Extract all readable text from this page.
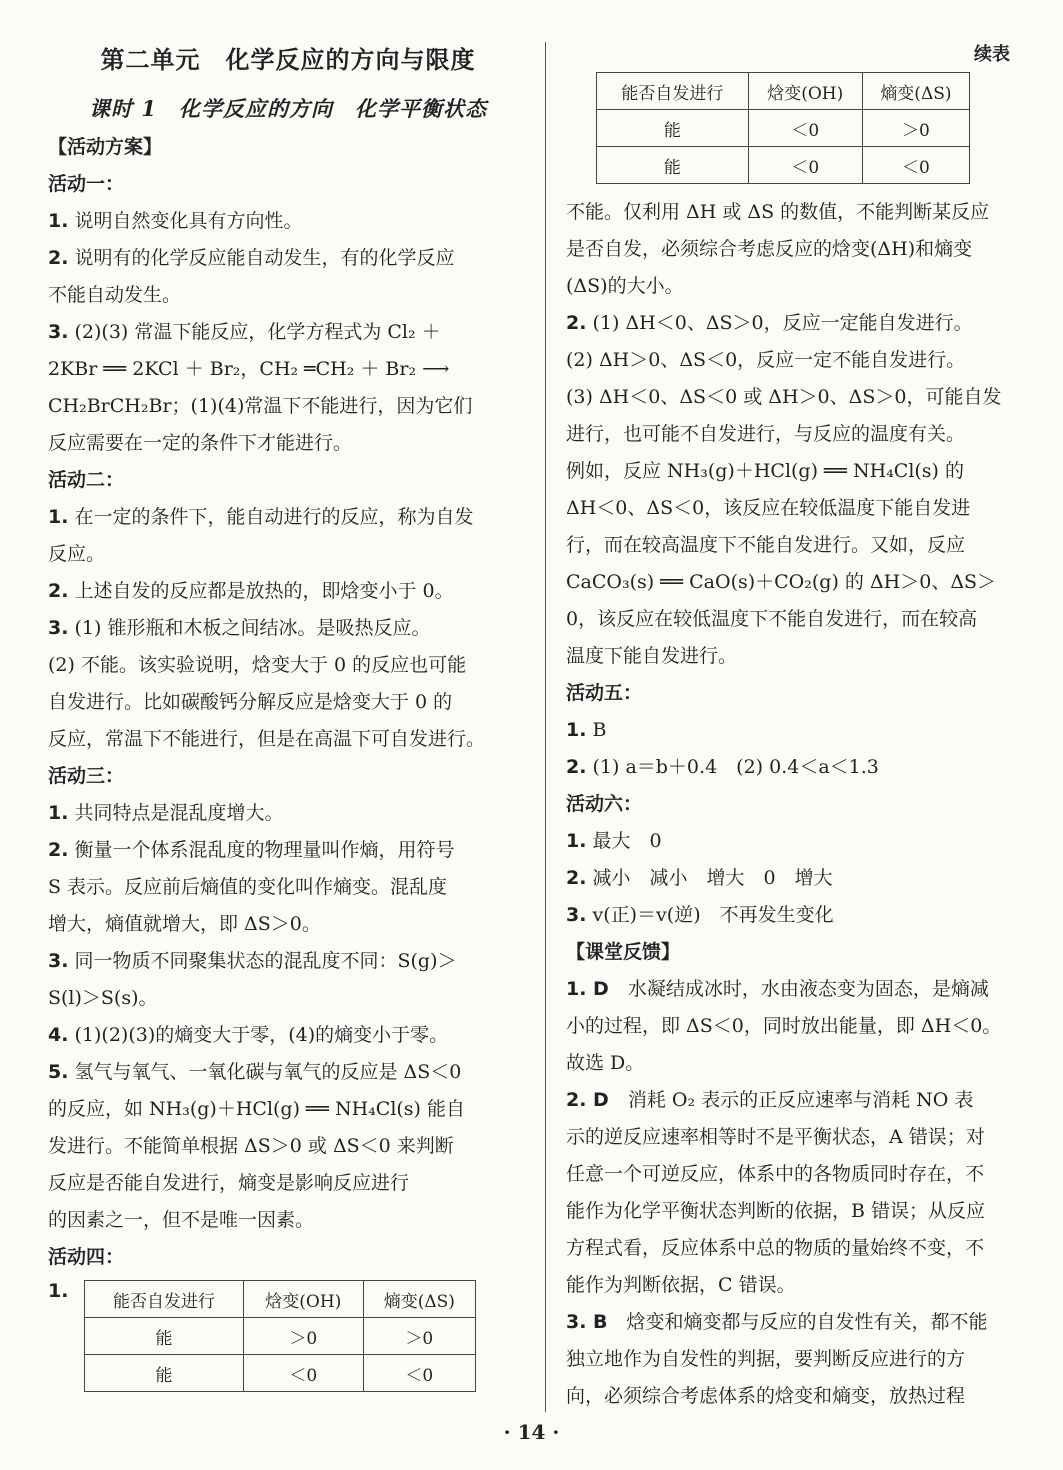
第二单元　化学反应的方向与限度
课时 1　化学反应的方向　化学平衡状态

【活动方案】

活动一：

1. 说明自然变化具有方向性。

2. 说明有的化学反应能自动发生，有的化学反应

不能自动发生。

3. (2)(3) 常温下能反应，化学方程式为 Cl₂ ＋

2KBr ══ 2KCl ＋ Br₂，CH₂ ═CH₂ ＋ Br₂ ⟶

CH₂BrCH₂Br；(1)(4)常温下不能进行，因为它们

反应需要在一定的条件下才能进行。

活动二：

1. 在一定的条件下，能自动进行的反应，称为自发

反应。

2. 上述自发的反应都是放热的，即焓变小于 0。

3. (1) 锥形瓶和木板之间结冰。是吸热反应。

(2) 不能。该实验说明，焓变大于 0 的反应也可能

自发进行。比如碳酸钙分解反应是焓变大于 0 的

反应，常温下不能进行，但是在高温下可自发进行。

活动三：

1. 共同特点是混乱度增大。

2. 衡量一个体系混乱度的物理量叫作熵，用符号

S 表示。反应前后熵值的变化叫作熵变。混乱度

增大，熵值就增大，即 ΔS＞0。

3. 同一物质不同聚集状态的混乱度不同：S(g)＞

S(l)＞S(s)。

4. (1)(2)(3)的熵变大于零，(4)的熵变小于零。

5. 氢气与氧气、一氧化碳与氧气的反应是 ΔS＜0

的反应，如 NH₃(g)＋HCl(g) ══ NH₄Cl(s) 能自

发进行。不能简单根据 ΔS＞0 或 ΔS＜0 来判断

反应是否能自发进行，熵变是影响反应进行

的因素之一，但不是唯一因素。

活动四：

1.	能否自发进行	焓变(OH)	熵变(ΔS)
能	＞0	＞0
能	＜0	＜0
续表
能否自发进行	焓变(OH)	熵变(ΔS)
能	＜0	＞0
能	＜0	＜0

不能。仅利用 ΔH 或 ΔS 的数值，不能判断某反应

是否自发，必须综合考虑反应的焓变(ΔH)和熵变

(ΔS)的大小。

2. (1) ΔH＜0、ΔS＞0，反应一定能自发进行。

(2) ΔH＞0、ΔS＜0，反应一定不能自发进行。

(3) ΔH＜0、ΔS＜0 或 ΔH＞0、ΔS＞0，可能自发

进行，也可能不自发进行，与反应的温度有关。

例如，反应 NH₃(g)＋HCl(g) ══ NH₄Cl(s) 的

ΔH＜0、ΔS＜0，该反应在较低温度下能自发进

行，而在较高温度下不能自发进行。又如，反应

CaCO₃(s) ══ CaO(s)＋CO₂(g) 的 ΔH＞0、ΔS＞

0，该反应在较低温度下不能自发进行，而在较高

温度下能自发进行。

活动五：

1. B

2. (1) a＝b＋0.4　(2) 0.4＜a＜1.3

活动六：

1. 最大　0

2. 减小　减小　增大　0　增大

3. v(正)＝v(逆)　不再发生变化

【课堂反馈】

1. D　水凝结成冰时，水由液态变为固态，是熵减

小的过程，即 ΔS＜0，同时放出能量，即 ΔH＜0。

故选 D。

2. D　消耗 O₂ 表示的正反应速率与消耗 NO 表

示的逆反应速率相等时不是平衡状态，A 错误；对

任意一个可逆反应，体系中的各物质同时存在，不

能作为化学平衡状态判断的依据，B 错误；从反应

方程式看，反应体系中总的物质的量始终不变，不

能作为判断依据，C 错误。

3. B　焓变和熵变都与反应的自发性有关，都不能

独立地作为自发性的判据，要判断反应进行的方

向，必须综合考虑体系的焓变和熵变，放热过程

· 14 ·
